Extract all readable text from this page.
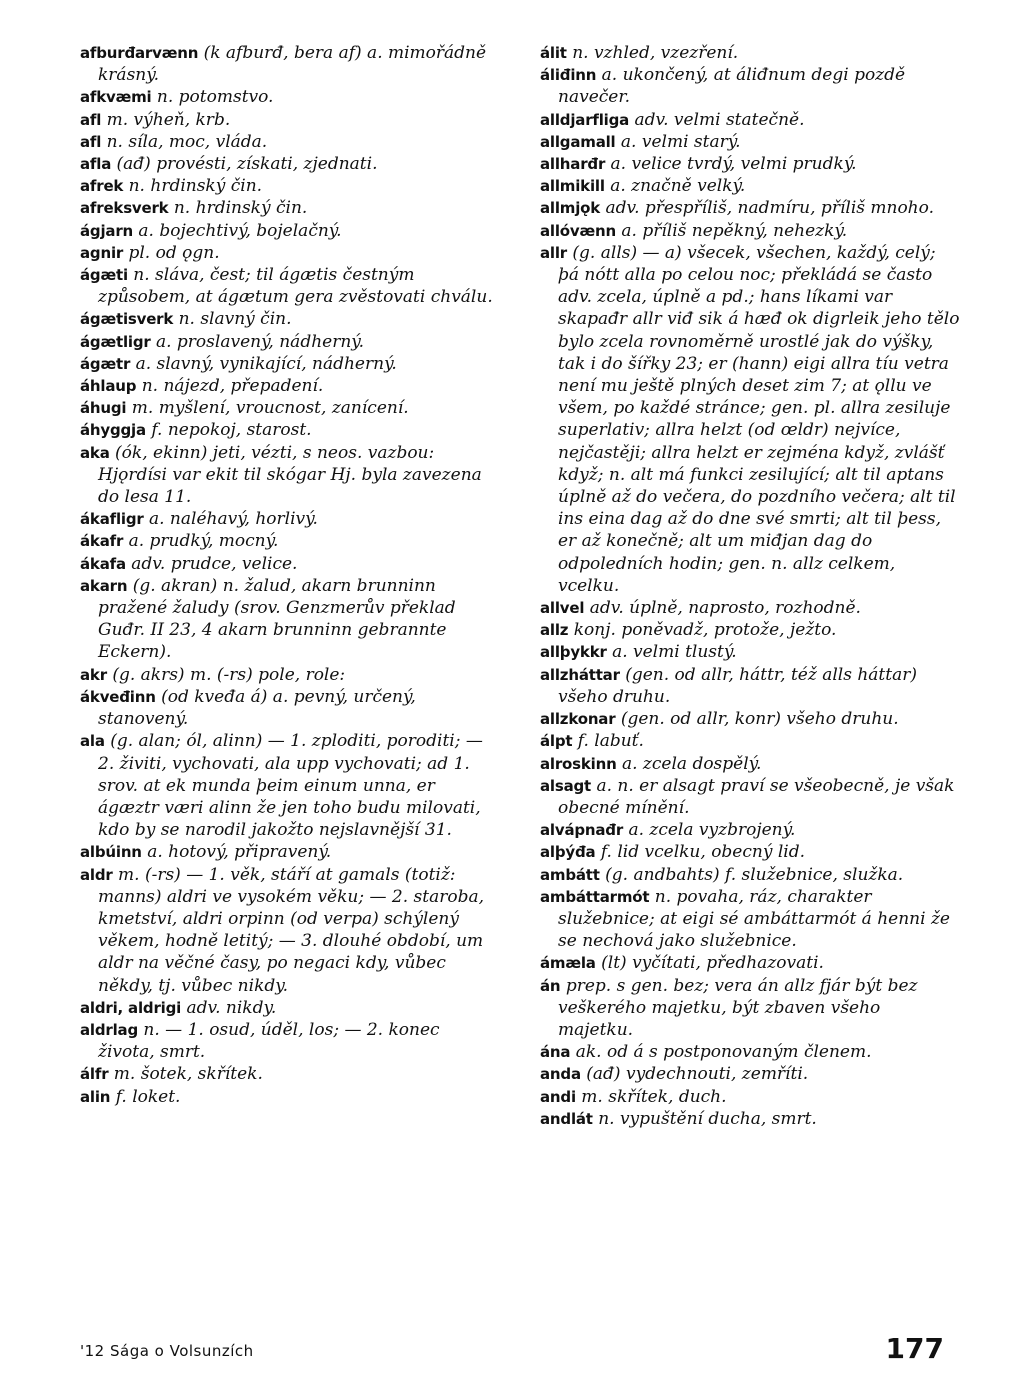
afburđarvænn (k afburđ, bera af) a. mimořádně krásný.

afkvæmi n. potomstvo.

afl m. výheň, krb.

afl n. síla, moc, vláda.

afla (ađ) provésti, získati, zjednati.

afrek n. hrdinský čin.

afreksverk n. hrdinský čin.

ágjarn a. bojechtivý, bojelačný.

agnir pl. od ǫgn.

ágæti n. sláva, čest; til ágætis čestným způsobem, at ágætum gera zvěstovati chválu.

ágætisverk n. slavný čin.

ágætligr a. proslavený, nádherný.

ágætr a. slavný, vynikající, nádherný.

áhlaup n. nájezd, přepadení.

áhugi m. myšlení, vroucnost, zanícení.

áhyggja f. nepokoj, starost.

aka (ók, ekinn) jeti, vézti, s neos. vazbou: Hjǫrdísi var ekit til skógar Hj. byla zavezena do lesa 11.

ákafligr a. naléhavý, horlivý.

ákafr a. prudký, mocný.

ákafa adv. prudce, velice.

akarn (g. akran) n. žalud, akarn brunninn pražené žaludy (srov. Genzmerův překlad Guđr. II 23, 4 akarn brunninn gebrannte Eckern).

akr (g. akrs) m. (-rs) pole, role:

ákveđinn (od kveđa á) a. pevný, určený, stanovený.

ala (g. alan; ól, alinn) — 1. zploditi, poroditi; — 2. živiti, vychovati, ala upp vychovati; ad 1. srov. at ek munda þeim einum unna, er ágæztr væri alinn že jen toho budu milovati, kdo by se narodil jakožto nejslavnější 31.

albúinn a. hotový, připravený.

aldr m. (-rs) — 1. věk, stáří at gamals (totiž: manns) aldri ve vysokém věku; — 2. staroba, kmetství, aldri orpinn (od verpa) schýlený věkem, hodně letitý; — 3. dlouhé období, um aldr na věčné časy, po negaci kdy, vůbec někdy, tj. vůbec nikdy.

aldri, aldrigi adv. nikdy.

aldrlag n. — 1. osud, úděl, los; — 2. konec života, smrt.

álfr m. šotek, skřítek.

alin f. loket.

álit n. vzhled, vzezření.

áliđinn a. ukončený, at áliđnum degi pozdě navečer.

alldjarfliga adv. velmi statečně.

allgamall a. velmi starý.

allharđr a. velice tvrdý, velmi prudký.

allmikill a. značně velký.

allmjǫk adv. přespříliš, nadmíru, příliš mnoho.

allóvænn a. příliš nepěkný, nehezký.

allr (g. alls) — a) všecek, všechen, každý, celý; þá nótt alla po celou noc; překládá se často adv. zcela, úplně a pd.; hans líkami var skapađr allr viđ sik á hæđ ok digrleik jeho tělo bylo zcela rovnoměrně urostlé jak do výšky, tak i do šířky 23; er (hann) eigi allra tíu vetra není mu ještě plných deset zim 7; at ǫllu ve všem, po každé stránce; gen. pl. allra zesiluje superlativ; allra helzt (od œldr) nejvíce, nejčastěji; allra helzt er zejména když, zvlášť když; n. alt má funkci zesilující; alt til aptans úplně až do večera, do pozdního večera; alt til ins eina dag až do dne své smrti; alt til þess, er až konečně; alt um miđjan dag do odpoledních hodin; gen. n. allz celkem, vcelku.

allvel adv. úplně, naprosto, rozhodně.

allz konj. poněvadž, protože, ježto.

allþykkr a. velmi tlustý.

allzháttar (gen. od allr, háttr, též alls háttar) všeho druhu.

allzkonar (gen. od allr, konr) všeho druhu.

álpt f. labuť.

alroskinn a. zcela dospělý.

alsagt a. n. er alsagt praví se všeobecně, je však obecné mínění.

alvápnađr a. zcela vyzbrojený.

alþýđa f. lid vcelku, obecný lid.

ambátt (g. andbahts) f. služebnice, služka.

ambáttarmót n. povaha, ráz, charakter služebnice; at eigi sé ambáttarmót á henni že se nechová jako služebnice.

ámæla (lt) vyčítati, předhazovati.

án prep. s gen. bez; vera án allz fjár být bez veškerého majetku, být zbaven všeho majetku.

ána ak. od á s postponovaným členem.

anda (ađ) vydechnouti, zemříti.

andi m. skřítek, duch.

andlát n. vypuštění ducha, smrt.

'12 Sága o Volsunzích	177
